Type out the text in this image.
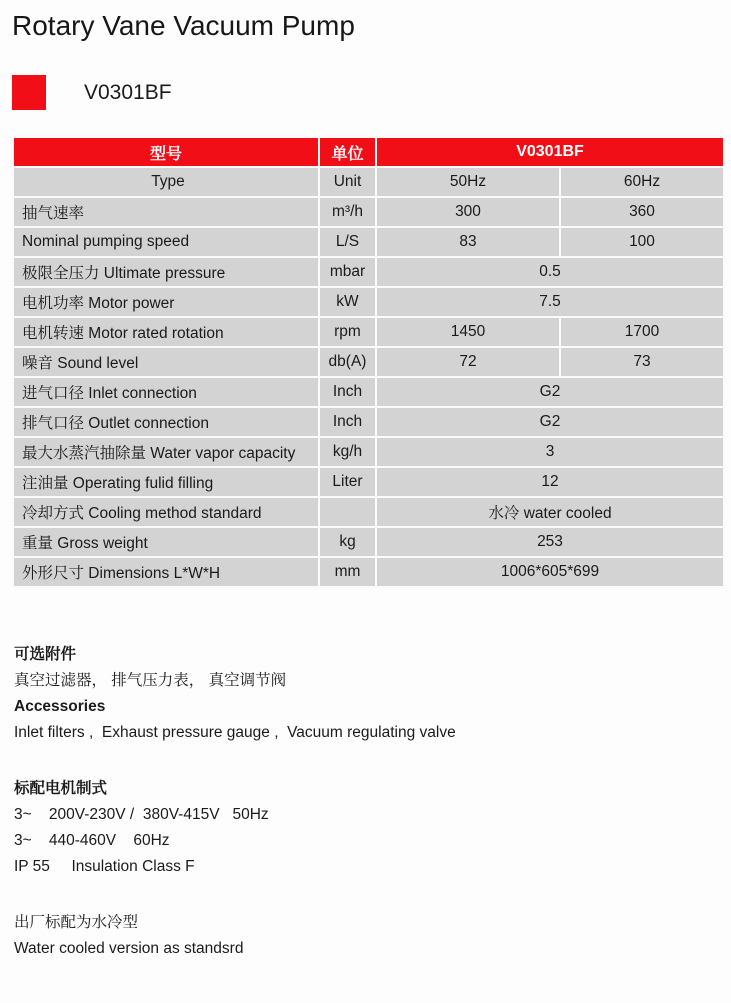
Rotary Vane Vacuum Pump
V0301BF
型号	单位	V0301BF	
Type	Unit	50Hz	60Hz
抽气速率	m³/h	300	360
Nominal pumping speed	L/S	83	100
极限全压力 Ultimate pressure	mbar	0.5	
电机功率 Motor power	kW	7.5	
电机转速 Motor rated rotation	rpm	1450	1700
噪音 Sound level	db(A)	72	73
进气口径 Inlet connection	Inch	G2	
排气口径 Outlet connection	Inch	G2	
最大水蒸汽抽除量 Water vapor capacity	kg/h	3	
注油量 Operating fulid filling	Liter	12	
冷却方式 Cooling method standard		水冷 water cooled	
重量 Gross weight	kg	253	
外形尺寸 Dimensions L*W*H	mm	1006*605*699	

可选附件

真空过滤器， 排气压力表， 真空调节阀

Accessories

Inlet filters ,  Exhaust pressure gauge ,  Vacuum regulating valve

标配电机制式

3~    200V-230V /  380V-415V   50Hz

3~    440-460V    60Hz

IP 55     Insulation Class F

出厂标配为水冷型

Water cooled version as standsrd
